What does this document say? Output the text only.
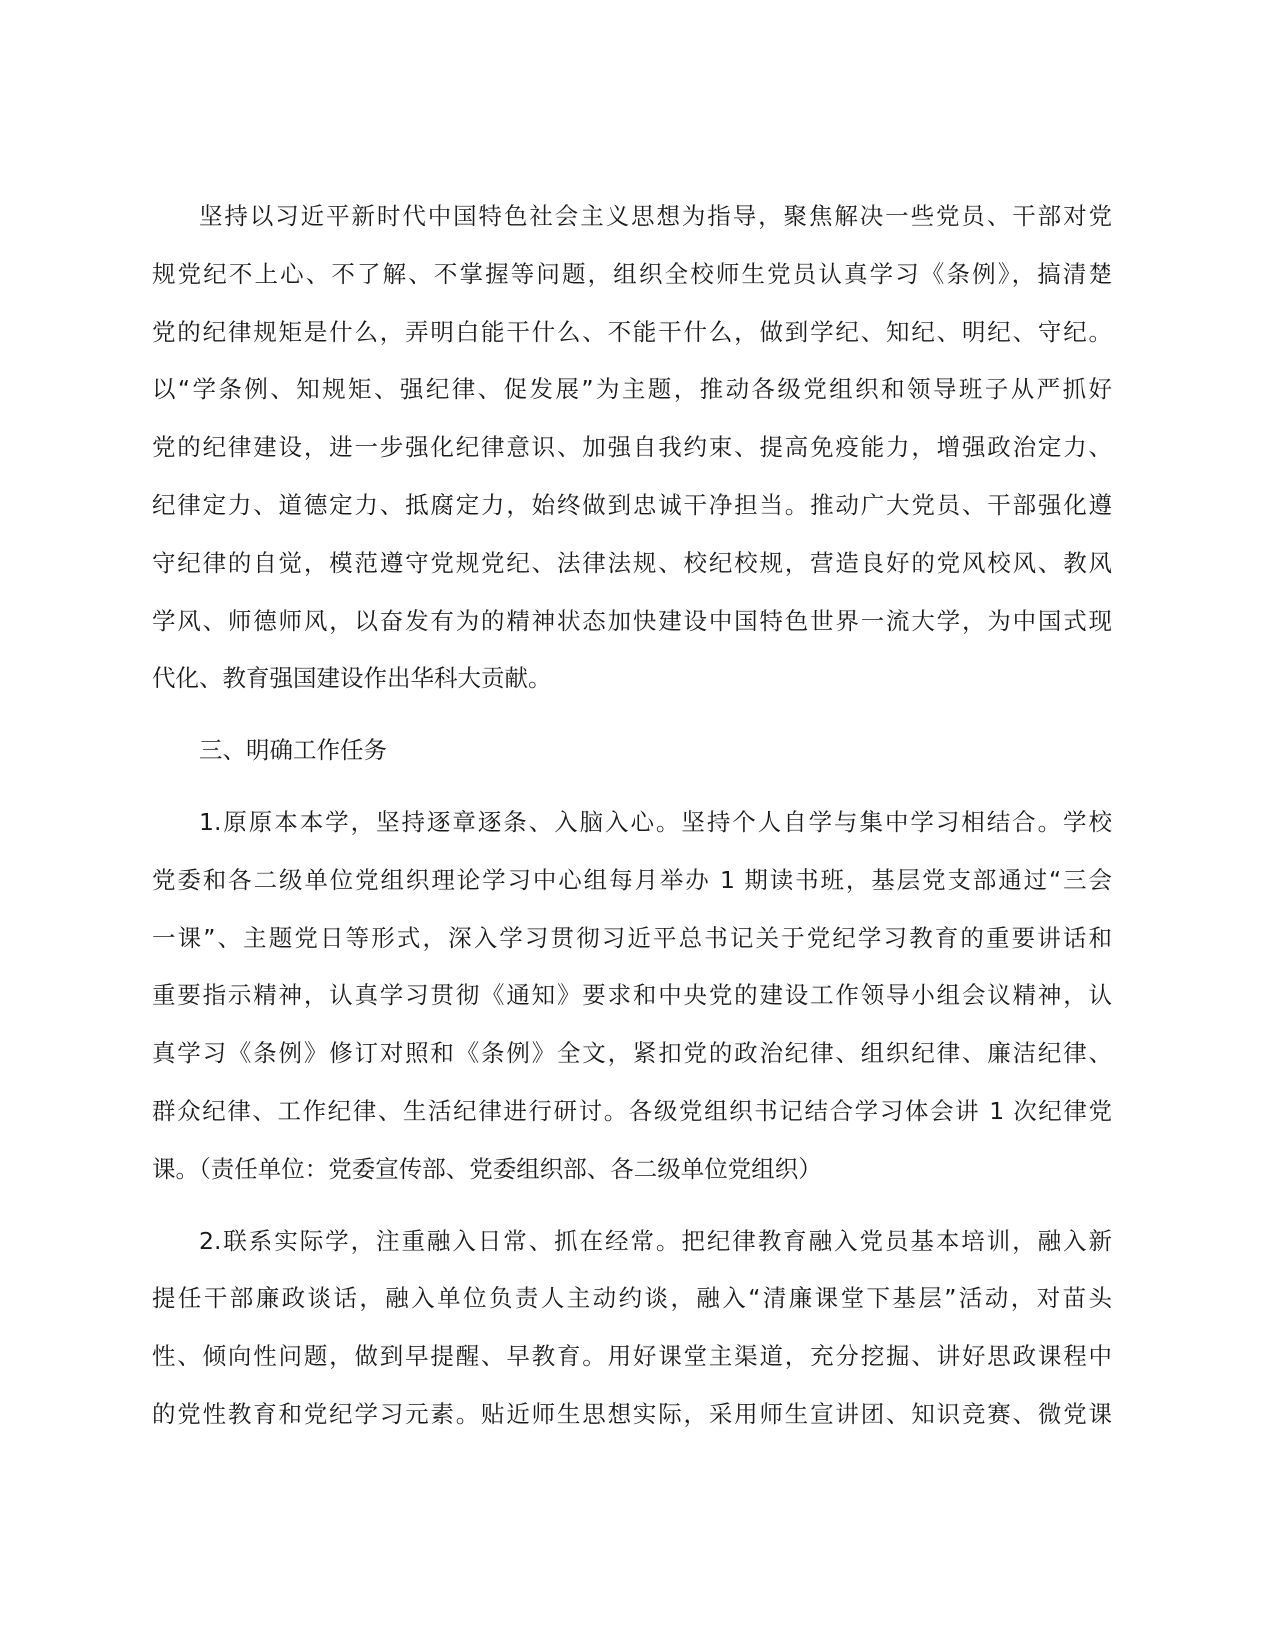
坚持以习近平新时代中国特色社会主义思想为指导，聚焦解决一些党员、干部对党
规党纪不上心、不了解、不掌握等问题，组织全校师生党员认真学习《条例》，搞清楚
党的纪律规矩是什么，弄明白能干什么、不能干什么，做到学纪、知纪、明纪、守纪。
以“学条例、知规矩、强纪律、促发展”为主题，推动各级党组织和领导班子从严抓好
党的纪律建设，进一步强化纪律意识、加强自我约束、提高免疫能力，增强政治定力、
纪律定力、道德定力、抵腐定力，始终做到忠诚干净担当。推动广大党员、干部强化遵
守纪律的自觉，模范遵守党规党纪、法律法规、校纪校规，营造良好的党风校风、教风
学风、师德师风，以奋发有为的精神状态加快建设中国特色世界一流大学，为中国式现
代化、教育强国建设作出华科大贡献。
三、明确工作任务
1.原原本本学，坚持逐章逐条、入脑入心。坚持个人自学与集中学习相结合。学校
党委和各二级单位党组织理论学习中心组每月举办 1 期读书班，基层党支部通过“三会
一课”、主题党日等形式，深入学习贯彻习近平总书记关于党纪学习教育的重要讲话和
重要指示精神，认真学习贯彻《通知》要求和中央党的建设工作领导小组会议精神，认
真学习《条例》修订对照和《条例》全文，紧扣党的政治纪律、组织纪律、廉洁纪律、
群众纪律、工作纪律、生活纪律进行研讨。各级党组织书记结合学习体会讲 1 次纪律党
课。（责任单位：党委宣传部、党委组织部、各二级单位党组织）
2.联系实际学，注重融入日常、抓在经常。把纪律教育融入党员基本培训，融入新
提任干部廉政谈话，融入单位负责人主动约谈，融入“清廉课堂下基层”活动，对苗头
性、倾向性问题，做到早提醒、早教育。用好课堂主渠道，充分挖掘、讲好思政课程中
的党性教育和党纪学习元素。贴近师生思想实际，采用师生宣讲团、知识竞赛、微党课
